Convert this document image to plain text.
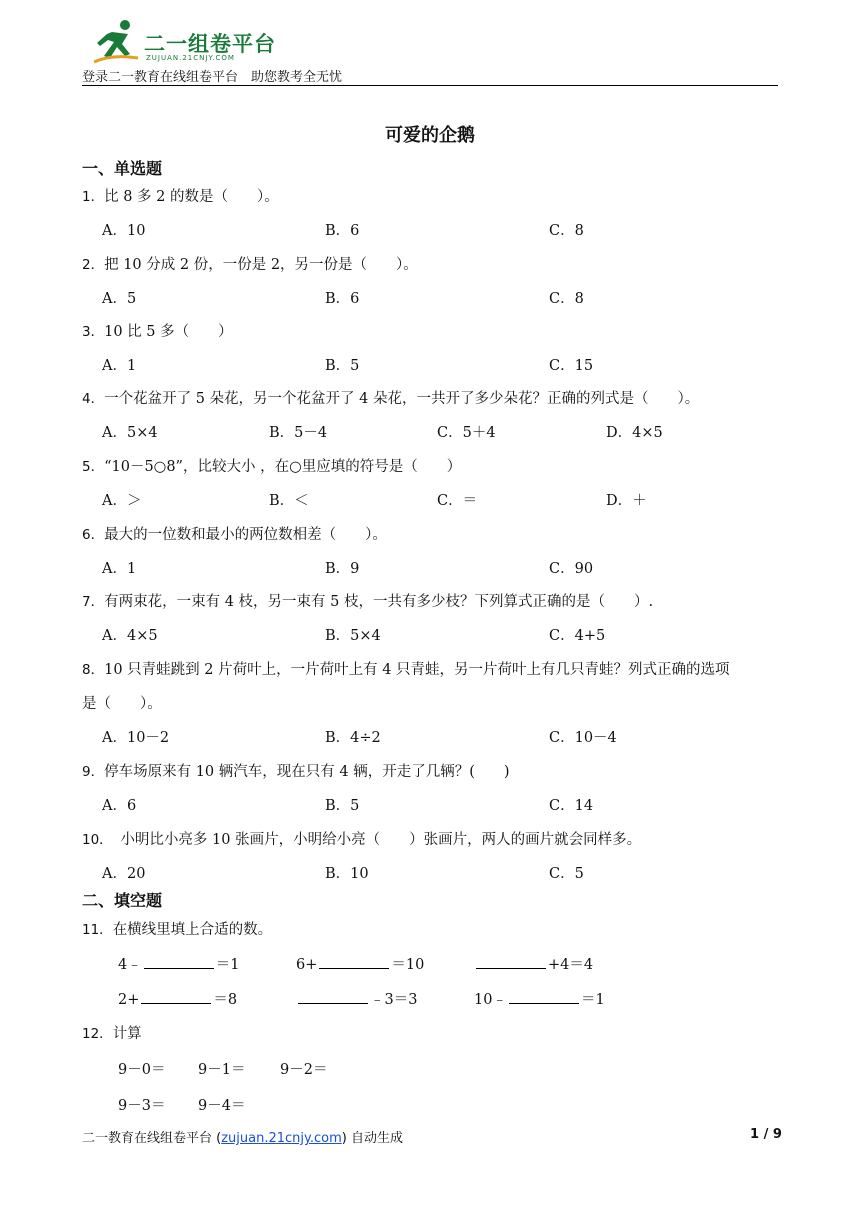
二一组卷平台
ZUJUAN.21CNJY.COM
登录二一教育在线组卷平台　助您教考全无忧
可爱的企鹅
一、单选题
1．比 8 多 2 的数是（　　）。
A．10	B．6	C．8
2．把 10 分成 2 份，一份是 2，另一份是（　　）。
A．5	B．6	C．8
3．10 比 5 多（　　）
A．1	B．5	C．15
4．一个花盆开了 5 朵花，另一个花盆开了 4 朵花，一共开了多少朵花？正确的列式是（　　）。
A．5×4	B．5－4	C．5＋4	D．4×5
5．“10－5○8”，比较大小 ，在○里应填的符号是（　　）
A．＞	B．＜	C．＝	D．＋
6．最大的一位数和最小的两位数相差（　　）。
A．1	B．9	C．90
7．有两束花，一束有 4 枝，另一束有 5 枝，一共有多少枝？下列算式正确的是（　　）.
A．4×5	B．5×4	C．4+5
8．10 只青蛙跳到 2 片荷叶上，一片荷叶上有 4 只青蛙，另一片荷叶上有几只青蛙？列式正确的选项
是（　　）。
A．10－2	B．4÷2	C．10－4
9．停车场原来有 10 辆汽车，现在只有 4 辆，开走了几辆？(　　)
A．6	B．5	C．14
10．　小明比小亮多 10 张画片，小明给小亮（　　）张画片，两人的画片就会同样多。
A．20	B．10	C．5
二、填空题
11．在横线里填上合适的数。
4﹣	＝1	6+	＝10	+4＝4
2+	＝8	﹣3＝3	10﹣	＝1
12．计算
9－0＝ 9－1＝ 9－2＝
9－3＝ 9－4＝
二一教育在线组卷平台 (zujuan.21cnjy.com) 自动生成	1 / 9
